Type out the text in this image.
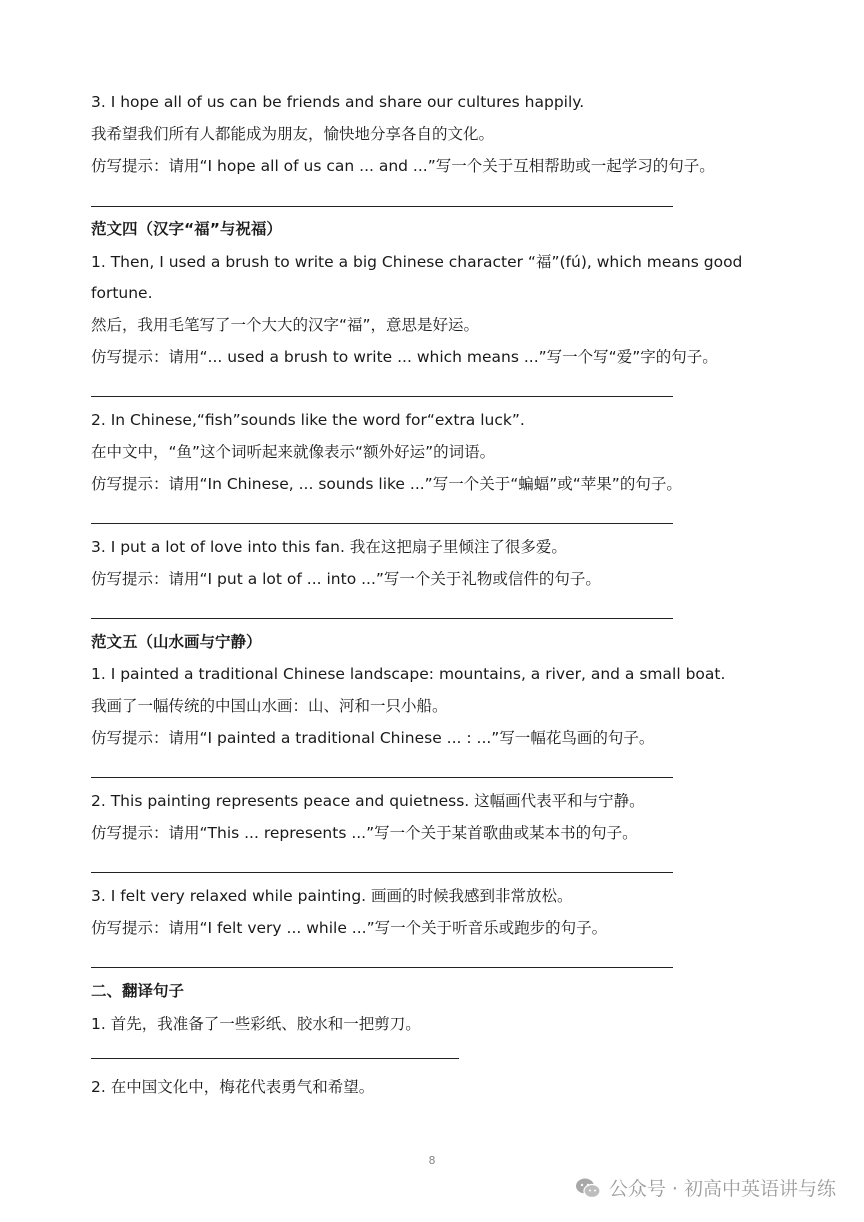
3. I hope all of us can be friends and share our cultures happily.
我希望我们所有人都能成为朋友，愉快地分享各自的文化。
仿写提示：请用“I hope all of us can ... and ...”写一个关于互相帮助或一起学习的句子。
范文四（汉字“福”与祝福）
1. Then, I used a brush to write a big Chinese character “福”(fú), which means good
fortune.
然后，我用毛笔写了一个大大的汉字“福”，意思是好运。
仿写提示：请用“... used a brush to write ... which means ...”写一个写“爱”字的句子。
2. In Chinese,“fish”sounds like the word for“extra luck”.
在中文中，“鱼”这个词听起来就像表示“额外好运”的词语。
仿写提示：请用“In Chinese, ... sounds like ...”写一个关于“蝙蝠”或“苹果”的句子。
3. I put a lot of love into this fan. 我在这把扇子里倾注了很多爱。
仿写提示：请用“I put a lot of ... into ...”写一个关于礼物或信件的句子。
范文五（山水画与宁静）
1. I painted a traditional Chinese landscape: mountains, a river, and a small boat.
我画了一幅传统的中国山水画：山、河和一只小船。
仿写提示：请用“I painted a traditional Chinese ... : ...”写一幅花鸟画的句子。
2. This painting represents peace and quietness. 这幅画代表平和与宁静。
仿写提示：请用“This ... represents ...”写一个关于某首歌曲或某本书的句子。
3. I felt very relaxed while painting. 画画的时候我感到非常放松。
仿写提示：请用“I felt very ... while ...”写一个关于听音乐或跑步的句子。
二、翻译句子
1. 首先，我准备了一些彩纸、胶水和一把剪刀。
2. 在中国文化中，梅花代表勇气和希望。
8
公众号 · 初高中英语讲与练
